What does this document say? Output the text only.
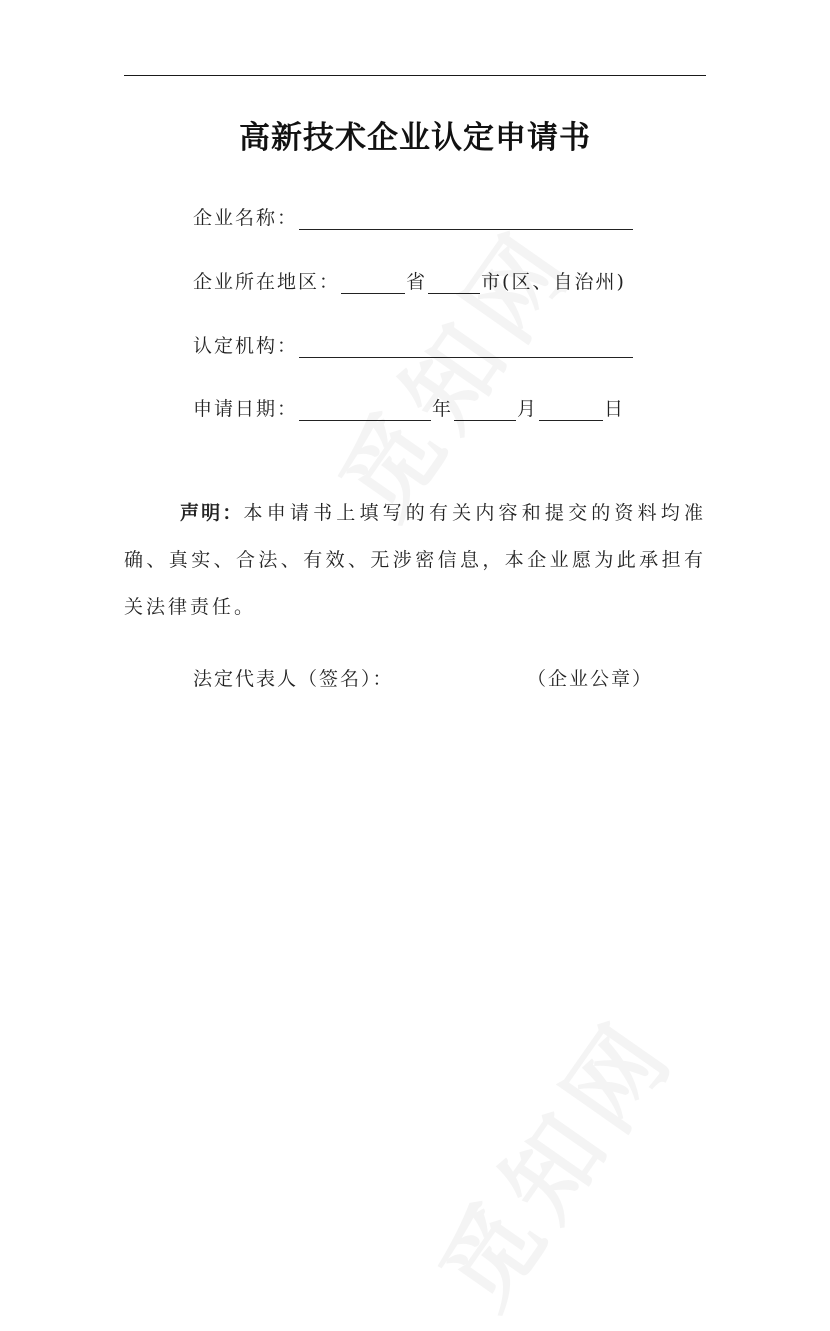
高新技术企业认定申请书
企业名称：
企业所在地区：	省	市(区、自治州)
认定机构：
申请日期：	年	月	日
声明：本申请书上填写的有关内容和提交的资料均准确、真实、合法、有效、无涉密信息，本企业愿为此承担有关法律责任。
法定代表人（签名）：	（企业公章）
